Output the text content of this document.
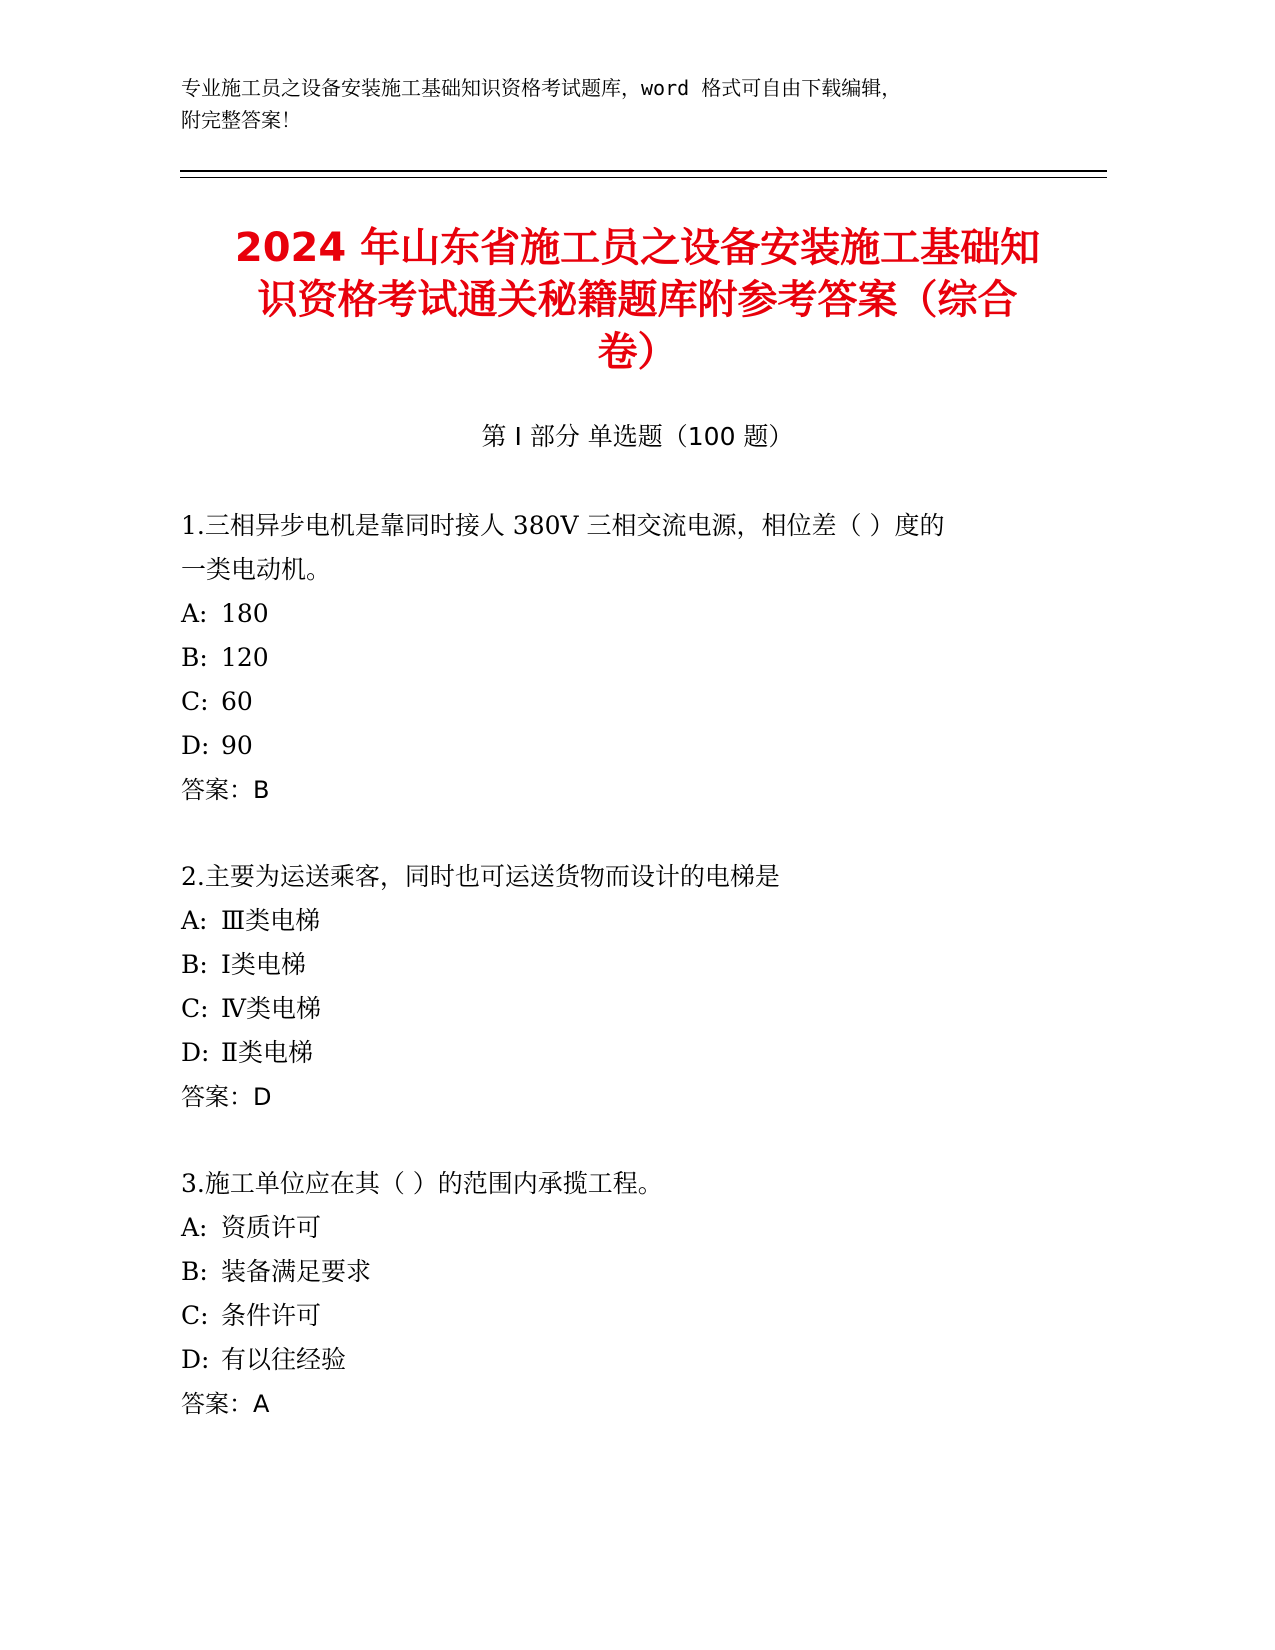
专业施工员之设备安装施工基础知识资格考试题库，word 格式可自由下载编辑，
附完整答案！
2024 年山东省施工员之设备安装施工基础知
识资格考试通关秘籍题库附参考答案（综合
卷）
第 I 部分 单选题（100 题）
1.三相异步电机是靠同时接人 380V 三相交流电源，相位差（ ）度的
一类电动机。
A: 180
B: 120
C: 60
D: 90
答案：B
2.主要为运送乘客，同时也可运送货物而设计的电梯是
A: Ⅲ类电梯
B: Ⅰ类电梯
C: Ⅳ类电梯
D: Ⅱ类电梯
答案：D
3.施工单位应在其（ ）的范围内承揽工程。
A: 资质许可
B: 装备满足要求
C: 条件许可
D: 有以往经验
答案：A
